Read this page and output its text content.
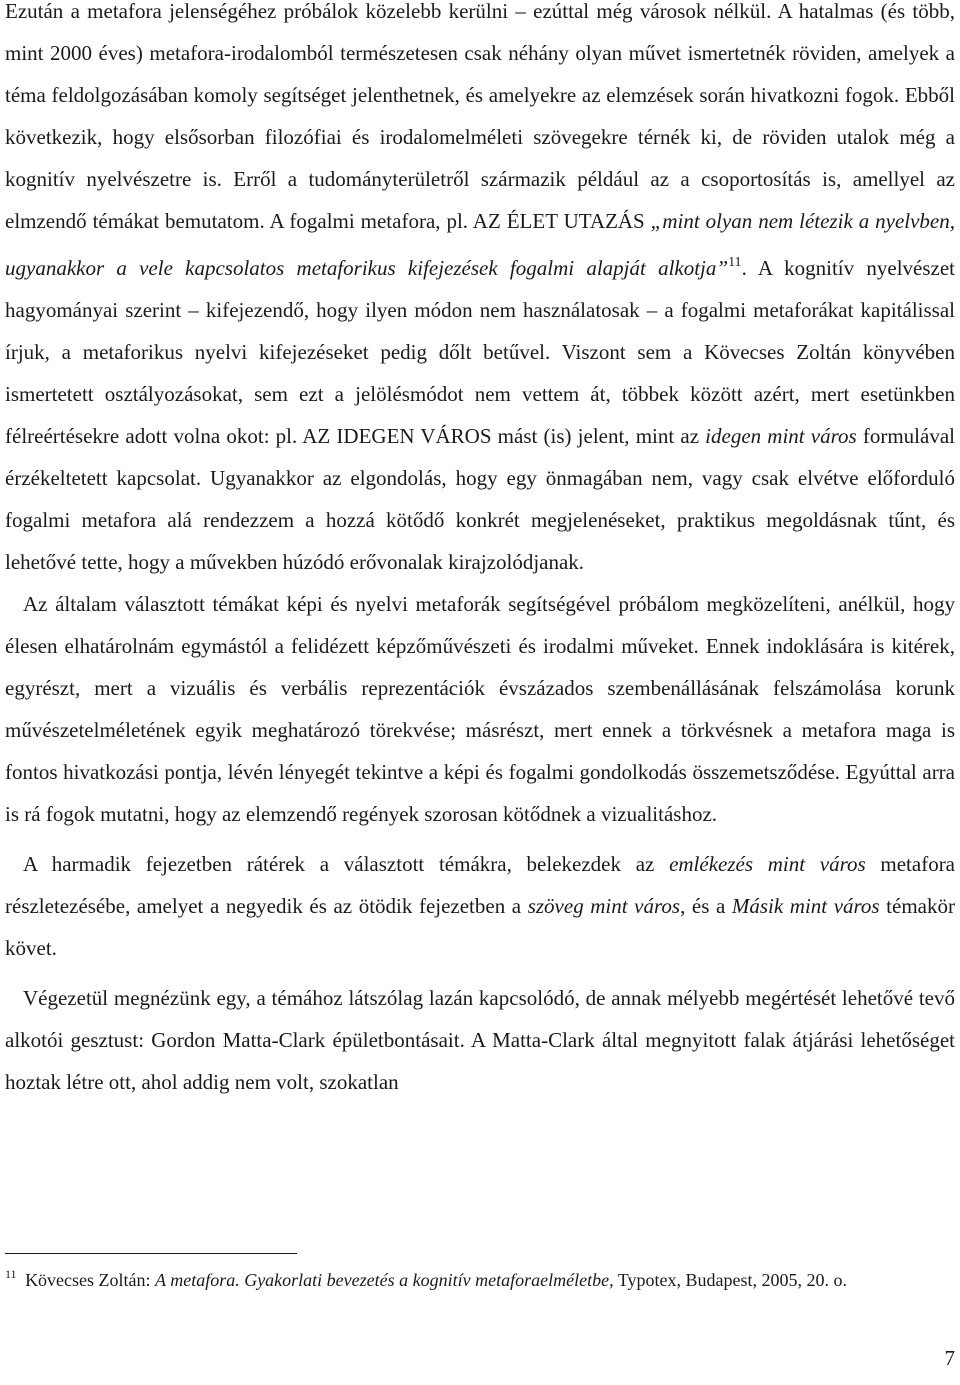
Ezután a metafora jelenségéhez próbálok közelebb kerülni – ezúttal még városok nélkül. A hatalmas (és több, mint 2000 éves) metafora-irodalomból természetesen csak néhány olyan művet ismertetnék röviden, amelyek a téma feldolgozásában komoly segítséget jelenthetnek, és amelyekre az elemzések során hivatkozni fogok. Ebből következik, hogy elsősorban filozófiai és irodalomelméleti szövegekre térnék ki, de röviden utalok még a kognitív nyelvészetre is. Erről a tudományterületről származik például az a csoportosítás is, amellyel az elmzendő témákat bemutatom. A fogalmi metafora, pl. AZ ÉLET UTAZÁS „mint olyan nem létezik a nyelvben, ugyanakkor a vele kapcsolatos metaforikus kifejezések fogalmi alapját alkotja”$^{11}$. A kognitív nyelvészet hagyományai szerint – kifejezendő, hogy ilyen módon nem használatosak – a fogalmi metaforákat kapitálissal írjuk, a metaforikus nyelvi kifejezéseket pedig dőlt betűvel. Viszont sem a Kövecses Zoltán könyvében ismertetett osztályozásokat, sem ezt a jelölésmódot nem vettem át, többek között azért, mert esetünkben félreértésekre adott volna okot: pl. AZ IDEGEN VÁROS mást (is) jelent, mint az idegen mint város formulával érzékeltetett kapcsolat. Ugyanakkor az elgondolás, hogy egy önmagában nem, vagy csak elvétve előforduló fogalmi metafora alá rendezzem a hozzá kötődő konkrét megjelenéseket, praktikus megoldásnak tűnt, és lehetővé tette, hogy a művekben húzódó erővonalak kirajzolódjanak.

Az általam választott témákat képi és nyelvi metaforák segítségével próbálom megközelíteni, anélkül, hogy élesen elhatárolnám egymástól a felidézett képzőművészeti és irodalmi műveket. Ennek indoklására is kitérek, egyrészt, mert a vizuális és verbális reprezentációk évszázados szembenállásának felszámolása korunk művészetelméletének egyik meghatározó törekvése; másrészt, mert ennek a törkvésnek a metafora maga is fontos hivatkozási pontja, lévén lényegét tekintve a képi és fogalmi gondolkodás összemetsződése. Egyúttal arra is rá fogok mutatni, hogy az elemzendő regények szorosan kötődnek a vizualitáshoz.

A harmadik fejezetben rátérek a választott témákra, belekezdek az emlékezés mint város metafora részletezésébe, amelyet a negyedik és az ötödik fejezetben a szöveg mint város, és a Másik mint város témakör követ.

Végezetül megnézünk egy, a témához látszólag lazán kapcsolódó, de annak mélyebb megértését lehetővé tevő alkotói gesztust: Gordon Matta-Clark épületbontásait. A Matta-Clark által megnyitott falak átjárási lehetőséget hoztak létre ott, ahol addig nem volt, szokatlan

$^{11}$ Kövecses Zoltán: A metafora. Gyakorlati bevezetés a kognitív metaforaelméletbe, Typotex, Budapest, 2005, 20. o.
7
